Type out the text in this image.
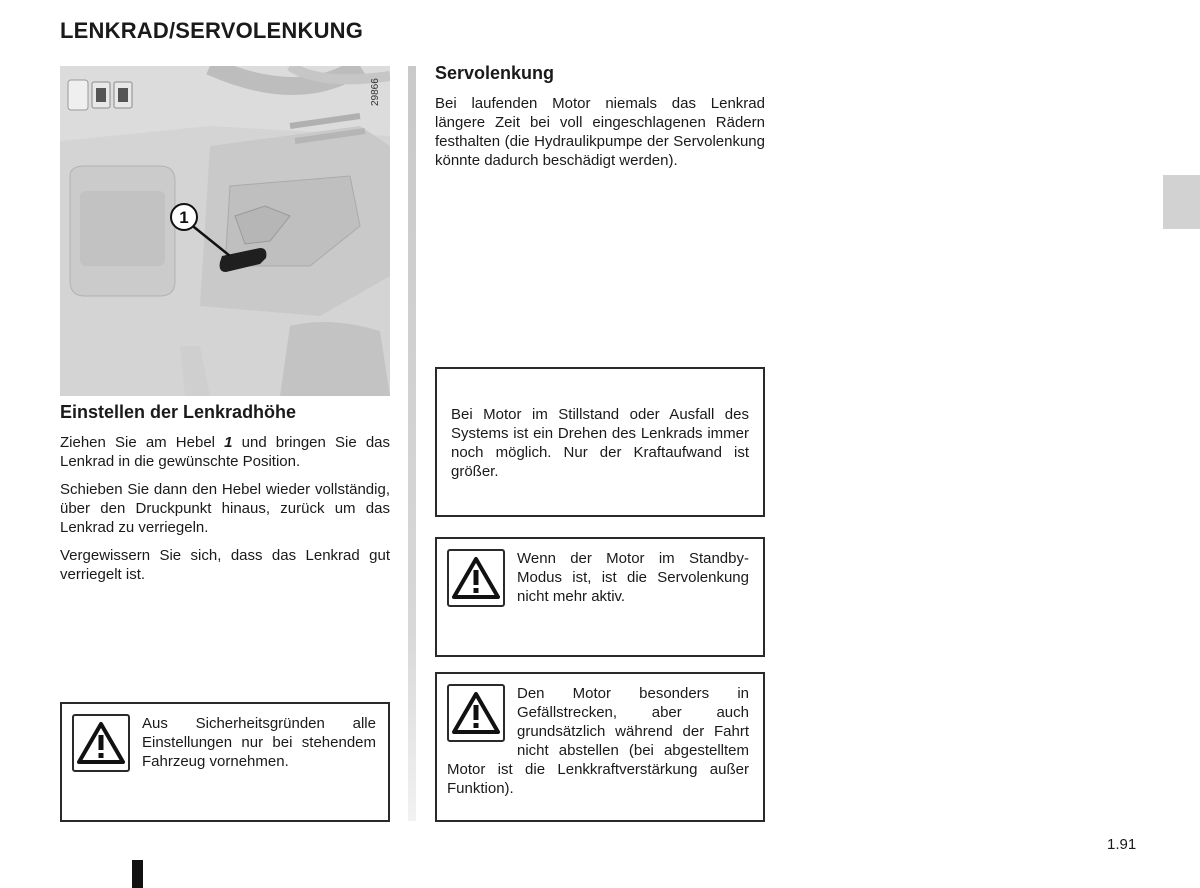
LENKRAD/SERVOLENKUNG
1
29866
Einstellen der Lenkradhöhe

Ziehen Sie am Hebel 1 und bringen Sie das Lenkrad in die gewünschte Position.

Schieben Sie dann den Hebel wieder vollständig, über den Druckpunkt hinaus, zurück um das Lenkrad zu verriegeln.

Vergewissern Sie sich, dass das Lenkrad gut verriegelt ist.

Aus Sicherheitsgründen alle Einstellungen nur bei stehendem Fahrzeug vornehmen.

Servolenkung

Bei laufenden Motor niemals das Lenkrad längere Zeit bei voll eingeschlagenen Rädern festhalten (die Hydraulikpumpe der Servolenkung könnte dadurch beschädigt werden).

Bei Motor im Stillstand oder Ausfall des Systems ist ein Drehen des Lenkrads immer noch möglich. Nur der Kraftaufwand ist größer.

Wenn der Motor im Standby-Modus ist, ist die Servolenkung nicht mehr aktiv.

Den Motor besonders in Gefällstrecken, aber auch grundsätzlich während der Fahrt nicht abstellen (bei abgestelltem Motor ist die Lenkkraftverstärkung außer Funktion).

1.91
